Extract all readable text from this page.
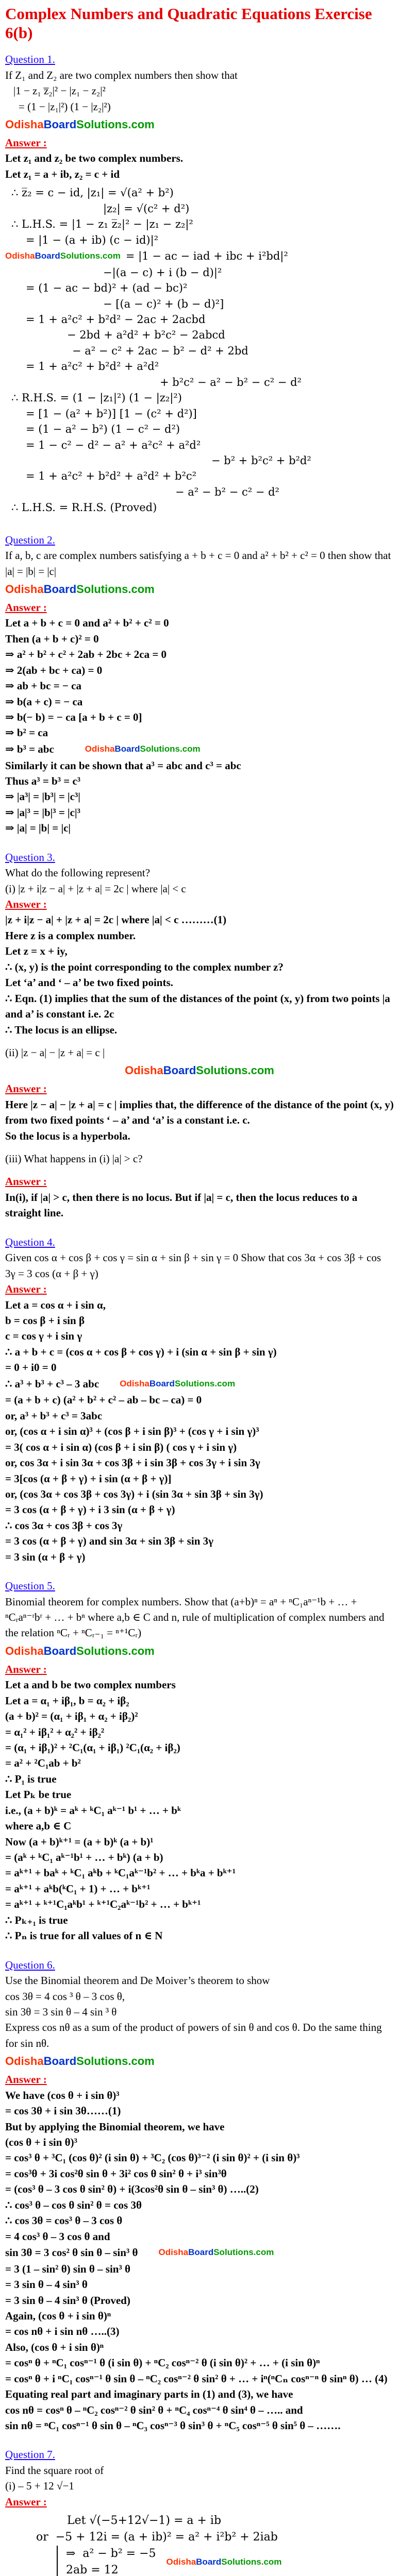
Complex Numbers and Quadratic Equations Exercise 6(b)
Question 1.

If Z₁ and Z₂ are two complex numbers then show that

|1 − z₁ z̅₂|² − |z₁ − z₂|²

= (1 − |z₁|²) (1 − |z₂|²)

OdishaBoardSolutions.com
Answer :

Let z₁ and z₂ be two complex numbers.

Let z₁ = a + ib, z₂ = c + id

∴ z̅₂ = c − id, |z₁| = √(a² + b²)

|z₂| = √(c² + d²)

∴ L.H.S. = |1 − z₁ z̅₂|² − |z₁ − z₂|²

= |1 − (a + ib) (c − id)|²

OdishaBoardSolutions.com = |1 − ac − iad + ibc + i²bd|²

−|(a − c) + i (b − d)|²

= (1 − ac − bd)² + (ad − bc)²

− [(a − c)² + (b − d)²]

= 1 + a²c² + b²d² − 2ac + 2acbd

− 2bd + a²d² + b²c² − 2abcd

− a² − c² + 2ac − b² − d² + 2bd

= 1 + a²c² + b²d² + a²d²

+ b²c² − a² − b² − c² − d²

∴ R.H.S. = (1 − |z₁|²) (1 − |z₂|²)

= [1 − (a² + b²)] [1 − (c² + d²)]

= (1 − a² − b²) (1 − c² − d²)

= 1 − c² − d² − a² + a²c² + a²d²

− b² + b²c² + b²d²

= 1 + a²c² + b²d² + a²d² + b²c²

− a² − b² − c² − d²

∴ L.H.S. = R.H.S. (Proved)

Question 2.

If a, b, c are complex numbers satisfying a + b + c = 0 and a² + b² + c² = 0 then show that |a| = |b| = |c|

OdishaBoardSolutions.com
Answer :

Let a + b + c = 0 and a² + b² + c² = 0

Then (a + b + c)² = 0

⇒ a² + b² + c² + 2ab + 2bc + 2ca = 0

⇒ 2(ab + bc + ca) = 0

⇒ ab + bc = − ca

⇒ b(a + c) = − ca

⇒ b(− b) = − ca [a + b + c = 0]

⇒ b² = ca

⇒ b³ = abc	OdishaBoardSolutions.com

Similarly it can be shown that a³ = abc and c³ = abc

Thus a³ = b³ = c³

⇒ |a³| = |b³| = |c³|

⇒ |a|³ = |b|³ = |c|³

⇒ |a| = |b| = |c|

Question 3.

What do the following represent?

(i) |z + i|z − a| + |z + a| = 2c | where |a| < c

Answer :

|z + i|z − a| + |z + a| = 2c | where |a| < c ………(1)

Here z is a complex number.

Let z = x + iy,

∴ (x, y) is the point corresponding to the complex number z?

Let ‘a’ and ‘ – a’ be two fixed points.

∴ Eqn. (1) implies that the sum of the distances of the point (x, y) from two points |a and a’ is constant i.e. 2c

∴ The locus is an ellipse.

(ii) |z − a| − |z + a| = c |

OdishaBoardSolutions.com
Answer :

Here |z − a| − |z + a| = c | implies that, the difference of the distance of the point (x, y) from two fixed points ‘ – a’ and ‘a’ is a constant i.e. c.

So the locus is a hyperbola.

(iii) What happens in (i) |a| > c?

Answer :

In(i), if |a| > c, then there is no locus. But if |a| = c, then the locus reduces to a straight line.

Question 4.

Given cos α + cos β + cos γ = sin α + sin β + sin γ = 0 Show that cos 3α + cos 3β + cos 3γ = 3 cos (α + β + γ)

Answer :

Let a = cos α + i sin α,

b = cos β + i sin β

c = cos γ + i sin γ

∴ a + b + c = (cos α + cos β + cos γ) + i (sin α + sin β + sin γ)

= 0 + i0 = 0

∴ a³ + b³ + c³ – 3 abc OdishaBoardSolutions.com

= (a + b + c) (a² + b² + c² – ab – bc – ca) = 0

or, a³ + b³ + c³ = 3abc

or, (cos α + i sin α)³ + (cos β + i sin β)³ + (cos γ + i sin γ)³

= 3( cos α + i sin α) (cos β + i sin β) ( cos γ + i sin γ)

or, cos 3α + i sin 3α + cos 3β + i sin 3β + cos 3γ + i sin 3γ

= 3[cos (α + β + γ) + i sin (α + β + γ)]

or, (cos 3α + cos 3β + cos 3γ) + i (sin 3α + sin 3β + sin 3γ)

= 3 cos (α + β + γ) + i 3 sin (α + β + γ)

∴ cos 3α + cos 3β + cos 3γ

= 3 cos (α + β + γ) and sin 3α + sin 3β + sin 3γ

= 3 sin (α + β + γ)

Question 5.

Binomial theorem for complex numbers. Show that (a+b)ⁿ = aⁿ + ⁿC₁aⁿ⁻¹b + … + ⁿCᵣaⁿ⁻ʳbʳ + … + bⁿ where a,b ∈ C and n, rule of multiplication of complex numbers and the relation ⁿCᵣ + ⁿCᵣ₋₁ = ⁿ⁺¹Cᵣ)

OdishaBoardSolutions.com
Answer :

Let a and b be two complex numbers

Let a = α₁ + iβ₁, b = α₂ + iβ₂

(a + b)² = (α₁ + iβ₁ + α₂ + iβ₂)²

= α₁² + iβ₁² + α₂² + iβ₂²

= (α₁ + iβ₁)² + ²C₁(α₁ + iβ₁) ²C₁(α₂ + iβ₂)

= a² + ²C₁ab + b²

∴ P₁ is true

Let Pₖ be true

i.e., (a + b)ᵏ = aᵏ + ᵏC₁ aᵏ⁻¹ b¹ + … + bᵏ

where a,b ∈ C

Now (a + b)ᵏ⁺¹ = (a + b)ᵏ (a + b)¹

= (aᵏ + ᵏC₁ aᵏ⁻¹b¹ + … + bᵏ) (a + b)

= aᵏ⁺¹ + baᵏ + ᵏC₁ aᵏb + ᵏC₁aᵏ⁻¹b² + … + bᵏa + bᵏ⁺¹

= aᵏ⁺¹ + aᵏb(ᵏC₁ + 1) + … + bᵏ⁺¹

= aᵏ⁺¹ + ᵏ⁺¹C₁aᵏb¹ + ᵏ⁺¹C₂aᵏ⁻¹b² + … + bᵏ⁺¹

∴ Pₖ₊₁ is true

∴ Pₙ is true for all values of n ∈ N

Question 6.

Use the Binomial theorem and De Moiver’s theorem to show

cos 3θ = 4 cos ³ θ – 3 cos θ,

sin 3θ = 3 sin θ – 4 sin ³ θ

Express cos nθ as a sum of the product of powers of sin θ and cos θ. Do the same thing for sin nθ.

OdishaBoardSolutions.com
Answer :

We have (cos θ + i sin θ)³

= cos 3θ + i sin 3θ……(1)

But by applying the Binomial theorem, we have

(cos θ + i sin θ)³

= cos³ θ + ³C₁ (cos θ)² (i sin θ) + ³C₂ (cos θ)³⁻² (i sin θ)² + (i sin θ)³

= cos³θ + 3i cos²θ sin θ + 3i² cos θ sin² θ + i³ sin³θ

= (cos³ θ – 3 cos θ sin² θ) + i(3cos²θ sin θ – sin³ θ) …..(2)

∴ cos³ θ – cos θ sin² θ = cos 3θ

∴ cos 3θ = cos³ θ – 3 cos θ

= 4 cos³ θ – 3 cos θ and

sin 3θ = 3 cos² θ sin θ – sin³ θ OdishaBoardSolutions.com

= 3 (1 – sin² θ) sin θ – sin³ θ

= 3 sin θ – 4 sin³ θ

= 3 sin θ – 4 sin³ θ (Proved)

Again, (cos θ + i sin θ)ⁿ

= cos nθ + i sin nθ …..(3)

Also, (cos θ + i sin θ)ⁿ

= cosⁿ θ + ⁿC₁ cosⁿ⁻¹ θ (i sin θ) + ⁿC₂ cosⁿ⁻² θ (i sin θ)² + … + (i sin θ)ⁿ

= cosⁿ θ + i ⁿC₁ cosⁿ⁻¹ θ sin θ – ⁿC₂ cosⁿ⁻² θ sin² θ + … + iⁿ(ⁿCₙ cosⁿ⁻ⁿ θ sinⁿ θ) … (4)

Equating real part and imaginary parts in (1) and (3), we have

cos nθ = cosⁿ θ – ⁿC₂ cosⁿ⁻² θ sin² θ + ⁿC₄ cosⁿ⁻⁴ θ sin⁴ θ – ….. and

sin nθ = ⁿC₁ cosⁿ⁻¹ θ sin θ – ⁿC₃ cosⁿ⁻³ θ sin³ θ + ⁿC₅ cosⁿ⁻⁵ θ sin⁵ θ – …….

Question 7.

Find the square root of

(i) – 5 + 12 √−1

Answer :

Let √(−5+12√−1) = a + ib

or  −5 + 12i = (a + ib)² = a² + i²b² + 2iab

⇒  a² − b² = −5

2ab = 12

OdishaBoardSolutions.com
